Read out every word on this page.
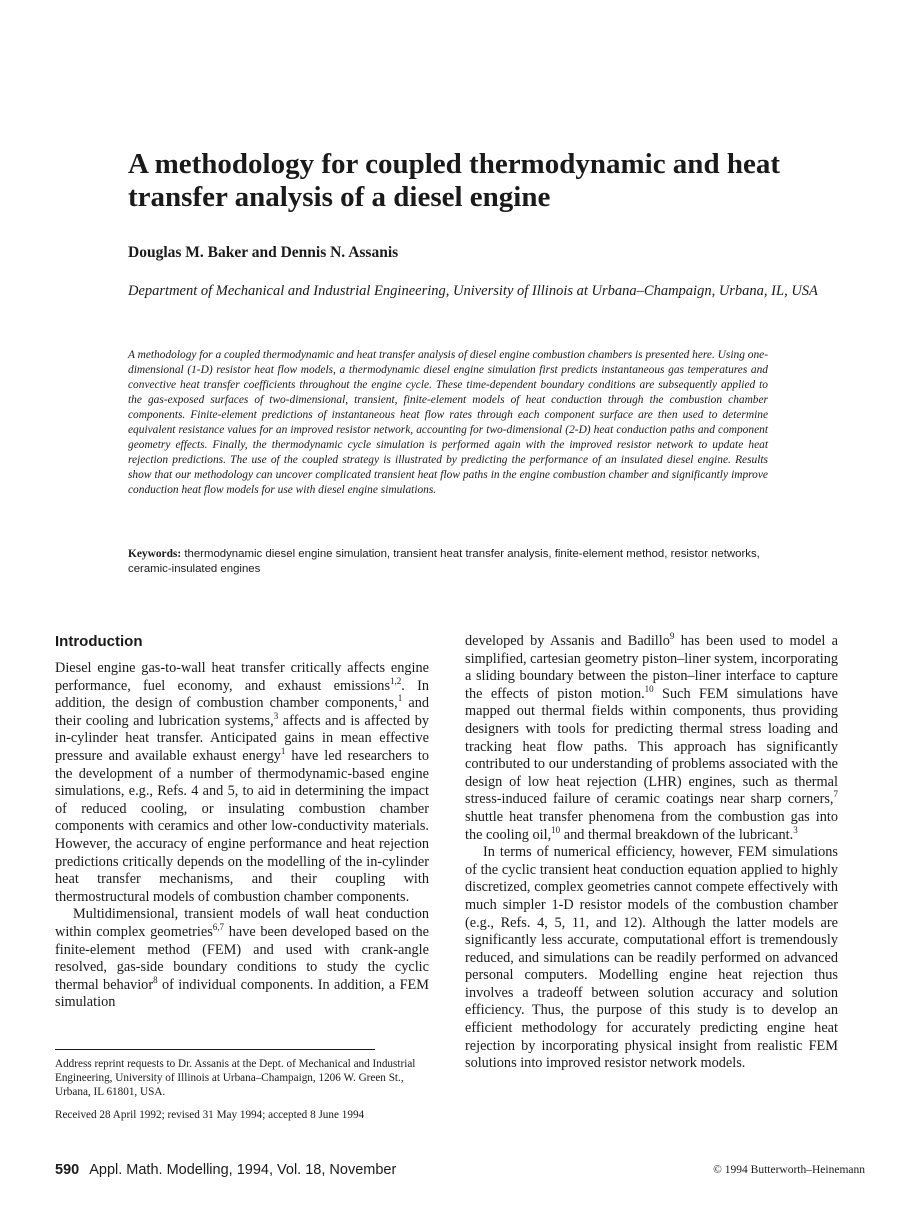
A methodology for coupled thermodynamic and heat transfer analysis of a diesel engine

Douglas M. Baker and Dennis N. Assanis

Department of Mechanical and Industrial Engineering, University of Illinois at Urbana–Champaign, Urbana, IL, USA

A methodology for a coupled thermodynamic and heat transfer analysis of diesel engine combustion chambers is presented here. Using one-dimensional (1-D) resistor heat flow models, a thermodynamic diesel engine simulation first predicts instantaneous gas temperatures and convective heat transfer coefficients throughout the engine cycle. These time-dependent boundary conditions are subsequently applied to the gas-exposed surfaces of two-dimensional, transient, finite-element models of heat conduction through the combustion chamber components. Finite-element predictions of instantaneous heat flow rates through each component surface are then used to determine equivalent resistance values for an improved resistor network, accounting for two-dimensional (2-D) heat conduction paths and component geometry effects. Finally, the thermodynamic cycle simulation is performed again with the improved resistor network to update heat rejection predictions. The use of the coupled strategy is illustrated by predicting the performance of an insulated diesel engine. Results show that our methodology can uncover complicated transient heat flow paths in the engine combustion chamber and significantly improve conduction heat flow models for use with diesel engine simulations.

Keywords: thermodynamic diesel engine simulation, transient heat transfer analysis, finite-element method, resistor networks, ceramic-insulated engines

Introduction

Diesel engine gas-to-wall heat transfer critically affects engine performance, fuel economy, and exhaust emissions$^{1,2}$. In addition, the design of combustion chamber components,$^1$ and their cooling and lubrication systems,$^3$ affects and is affected by in-cylinder heat transfer. Anticipated gains in mean effective pressure and available exhaust energy$^1$ have led researchers to the development of a number of thermodynamic-based engine simulations, e.g., Refs. 4 and 5, to aid in determining the impact of reduced cooling, or insulating combustion chamber components with ceramics and other low-conductivity materials. However, the accuracy of engine performance and heat rejection predictions critically depends on the modelling of the in-cylinder heat transfer mechanisms, and their coupling with thermostructural models of combustion chamber components.

Multidimensional, transient models of wall heat conduction within complex geometries$^{6,7}$ have been developed based on the finite-element method (FEM) and used with crank-angle resolved, gas-side boundary conditions to study the cyclic thermal behavior$^8$ of individual components. In addition, a FEM simulation

developed by Assanis and Badillo$^9$ has been used to model a simplified, cartesian geometry piston–liner system, incorporating a sliding boundary between the piston–liner interface to capture the effects of piston motion.$^{10}$ Such FEM simulations have mapped out thermal fields within components, thus providing designers with tools for predicting thermal stress loading and tracking heat flow paths. This approach has significantly contributed to our understanding of problems associated with the design of low heat rejection (LHR) engines, such as thermal stress-induced failure of ceramic coatings near sharp corners,$^7$ shuttle heat transfer phenomena from the combustion gas into the cooling oil,$^{10}$ and thermal breakdown of the lubricant.$^3$

In terms of numerical efficiency, however, FEM simulations of the cyclic transient heat conduction equation applied to highly discretized, complex geometries cannot compete effectively with much simpler 1-D resistor models of the combustion chamber (e.g., Refs. 4, 5, 11, and 12). Although the latter models are significantly less accurate, computational effort is tremendously reduced, and simulations can be readily performed on advanced personal computers. Modelling engine heat rejection thus involves a tradeoff between solution accuracy and solution efficiency. Thus, the purpose of this study is to develop an efficient methodology for accurately predicting engine heat rejection by incorporating physical insight from realistic FEM solutions into improved resistor network models.

Address reprint requests to Dr. Assanis at the Dept. of Mechanical and Industrial Engineering, University of Illinois at Urbana–Champaign, 1206 W. Green St., Urbana, IL 61801, USA.

Received 28 April 1992; revised 31 May 1994; accepted 8 June 1994

590 Appl. Math. Modelling, 1994, Vol. 18, November	© 1994 Butterworth–Heinemann
